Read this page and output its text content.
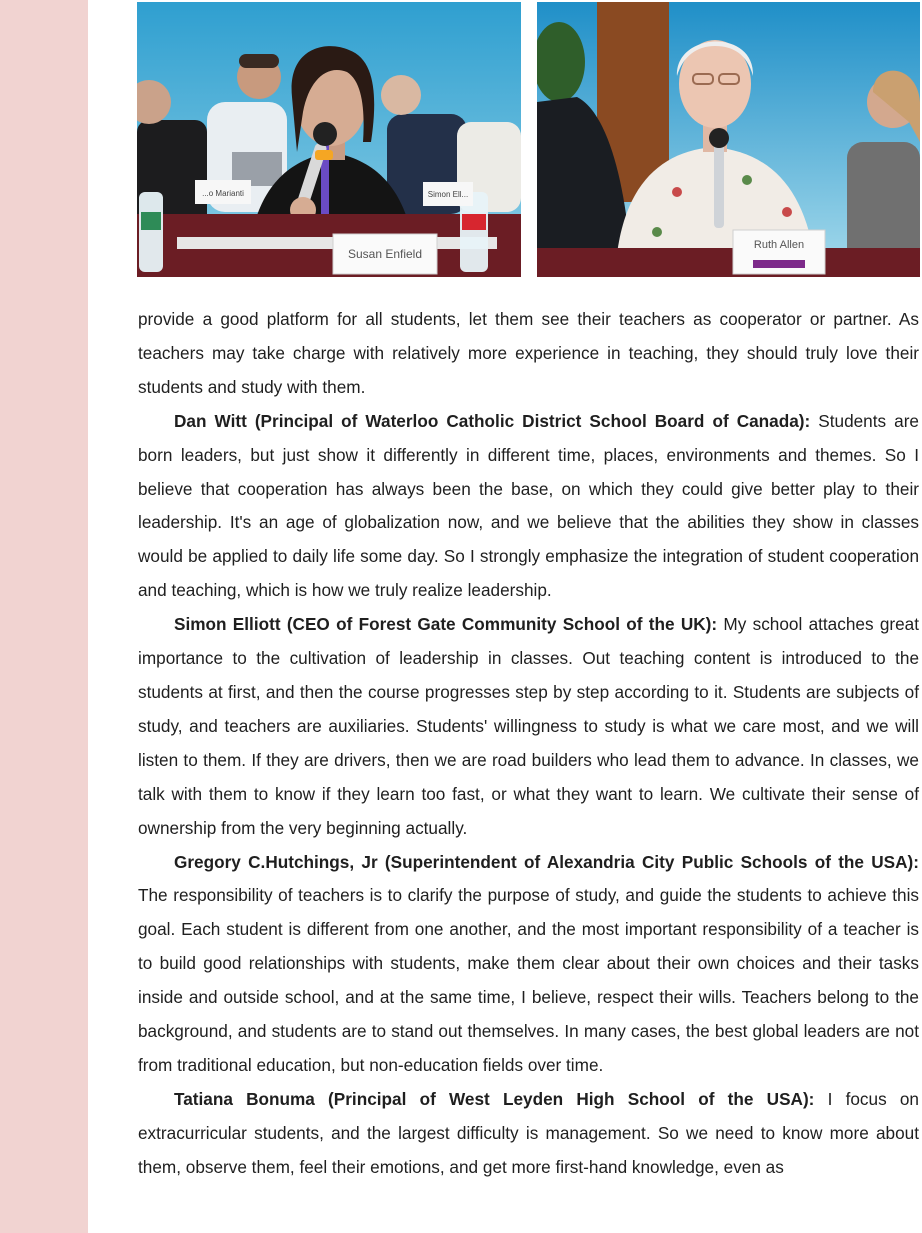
...o Marianti	Simon Ell...
Susan Enfield
Ruth Allen

provide a good platform for all students, let them see their teachers as cooperator or partner. As teachers may take charge with relatively more experience in teaching, they should truly love their students and study with them.

Dan Witt (Principal of Waterloo Catholic District School Board of Canada): Students are born leaders, but just show it differently in different time, places, environments and themes. So I believe that cooperation has always been the base, on which they could give better play to their leadership. It's an age of globalization now, and we believe that the abilities they show in classes would be applied to daily life some day. So I strongly emphasize the integration of student cooperation and teaching, which is how we truly realize leadership.

Simon Elliott (CEO of Forest Gate Community School of the UK): My school attaches great importance to the cultivation of leadership in classes. Out teaching content is introduced to the students at first, and then the course progresses step by step according to it. Students are subjects of study, and teachers are auxiliaries. Students' willingness to study is what we care most, and we will listen to them. If they are drivers, then we are road builders who lead them to advance. In classes, we talk with them to know if they learn too fast, or what they want to learn. We cultivate their sense of ownership from the very beginning actually.

Gregory C.Hutchings, Jr (Superintendent of Alexandria City Public Schools of the USA): The responsibility of teachers is to clarify the purpose of study, and guide the students to achieve this goal. Each student is different from one another, and the most important responsibility of a teacher is to build good relationships with students, make them clear about their own choices and their tasks inside and outside school, and at the same time, I believe, respect their wills. Teachers belong to the background, and students are to stand out themselves. In many cases, the best global leaders are not from traditional education, but non-education fields over time.

Tatiana Bonuma (Principal of West Leyden High School of the USA): I focus on extracurricular students, and the largest difficulty is management. So we need to know more about them, observe them, feel their emotions, and get more first-hand knowledge, even as
